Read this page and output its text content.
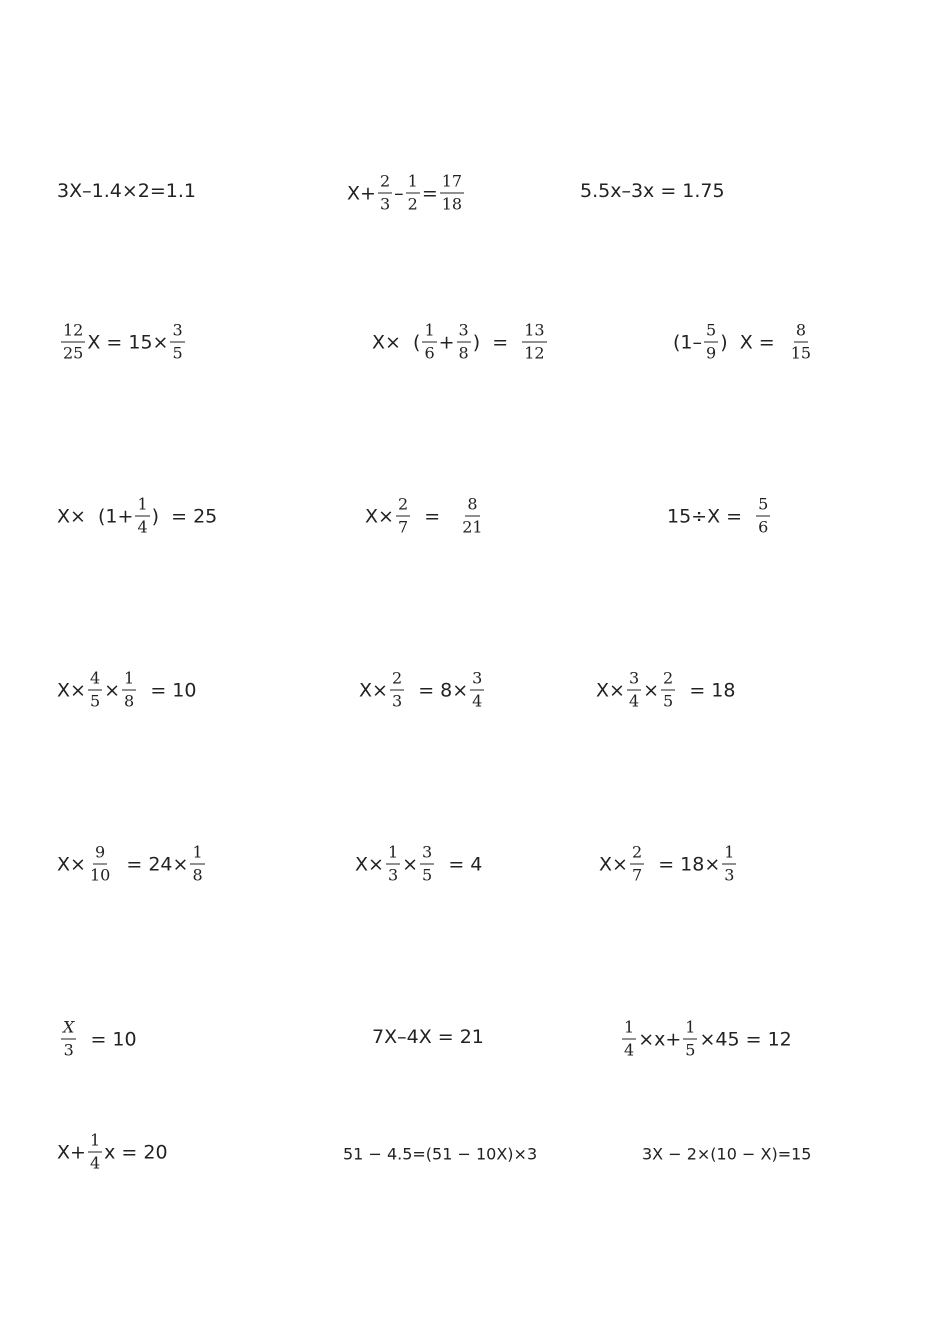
3X–1.4×2=1.1	$X+ \frac{2}{3} - \frac{1}{2} = \frac{17}{18}$	5.5x–3x = 1.75
$\frac{12}{25}$ $X = 15\times \frac{3}{5}$	X×  ( $\frac{1}{6} + \frac{3}{8}$ )  = $\frac{13}{12}$	($1- \frac{5}{9}$ )  $X = \frac{8}{15}$
$X\times (1+ \frac{1}{4}$ )  = 25	$X\times \frac{2}{7} = \frac{8}{21}$	$15\div X = \frac{5}{6}$
$X\times \frac{4}{5} \times \frac{1}{8} = 10$	$X\times \frac{2}{3} = 8\times \frac{3}{4}$	$X\times \frac{3}{4} \times \frac{2}{5} = 18$
$X\times \frac{9}{10} = 24\times \frac{1}{8}$	$X\times \frac{1}{3} \times \frac{3}{5} = 4$	$X\times \frac{2}{7} = 18\times \frac{1}{3}$
$\frac{X}{3} = 10$	7X–4X = 21	$\frac{1}{4} \times x+ \frac{1}{5} \times 45 = 12$
$X+ \frac{1}{4}$ x = 20	51 − 4.5=(51 − 10X)×3	3X − 2×(10 − X)=15
